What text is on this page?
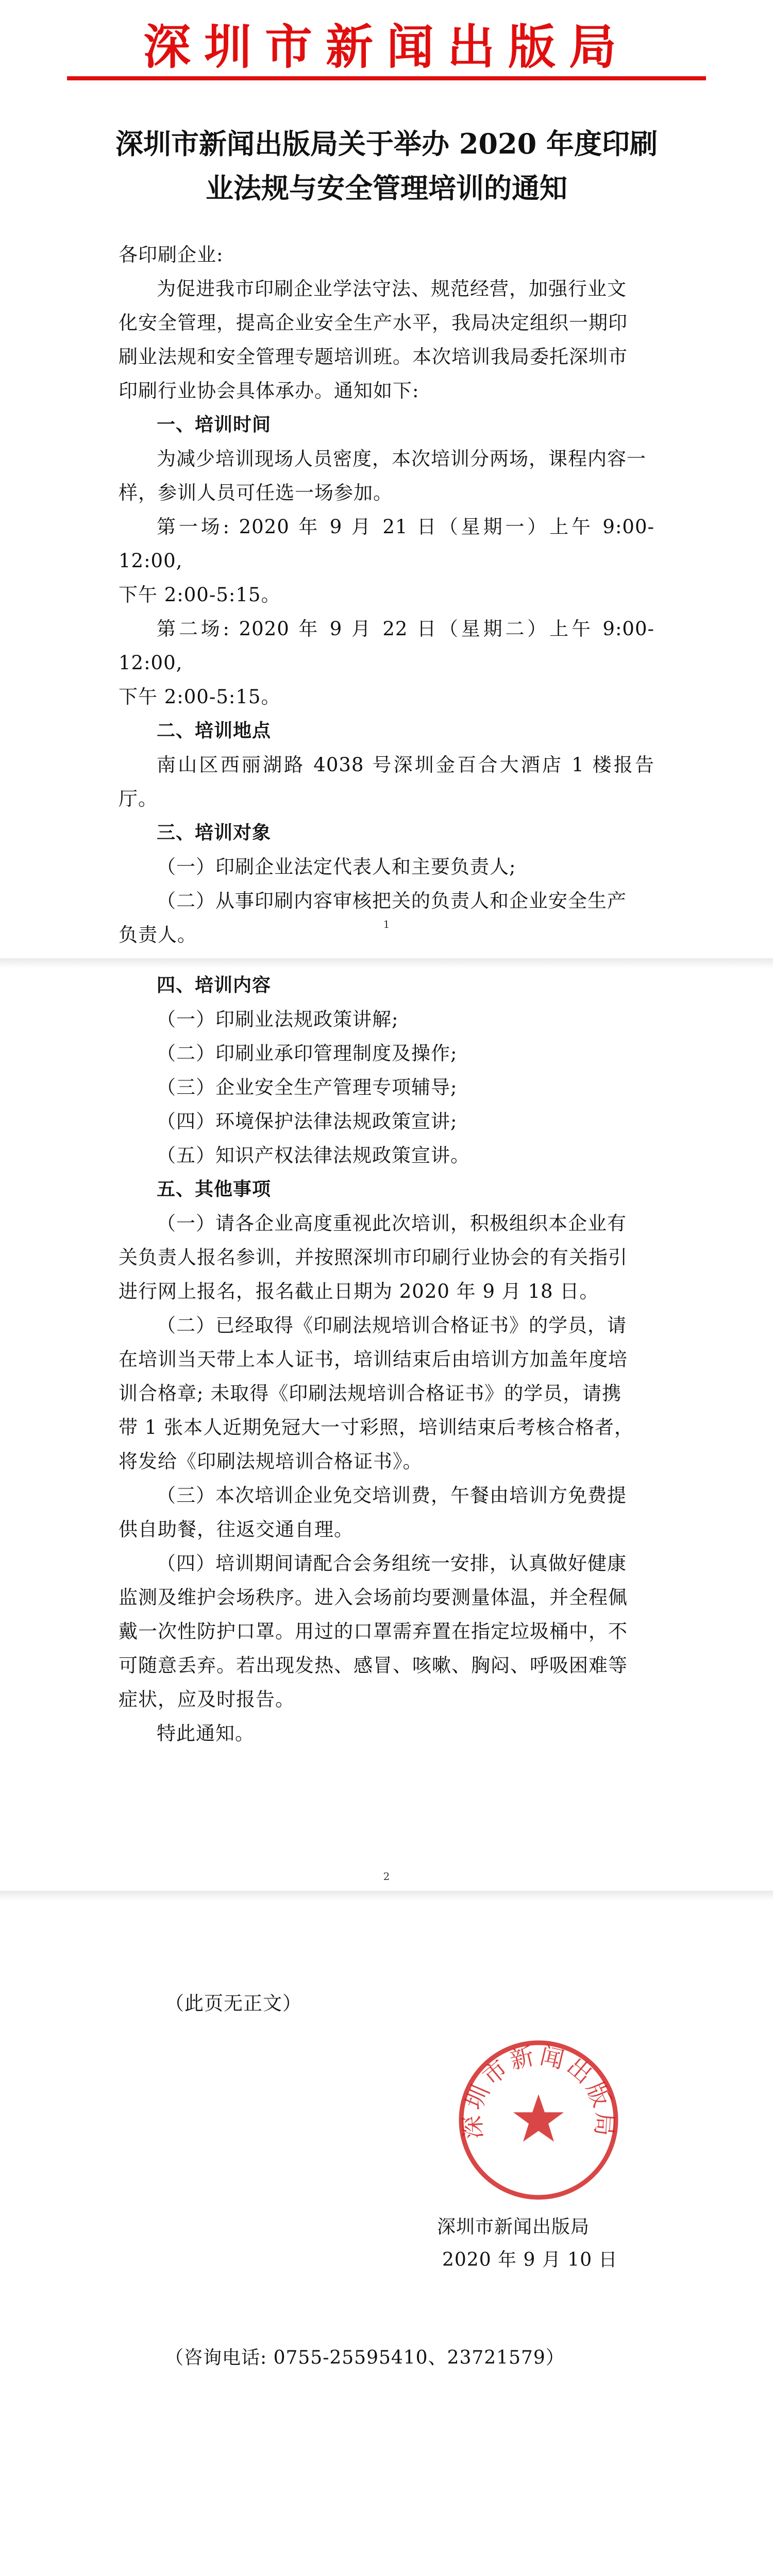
深圳市新闻出版局
深圳市新闻出版局关于举办 2020 年度印刷
业法规与安全管理培训的通知

各印刷企业:

为促进我市印刷企业学法守法、规范经营，加强行业文

化安全管理，提高企业安全生产水平，我局决定组织一期印

刷业法规和安全管理专题培训班。本次培训我局委托深圳市

印刷行业协会具体承办。通知如下:

一、培训时间

为减少培训现场人员密度，本次培训分两场，课程内容一

样，参训人员可任选一场参加。

第一场: 2020 年 9 月 21 日（星期一）上午 9:00-12:00,

下午 2:00-5:15。

第二场: 2020 年 9 月 22 日（星期二）上午 9:00-12:00,

下午 2:00-5:15。

二、培训地点

南山区西丽湖路 4038 号深圳金百合大酒店 1 楼报告厅。

三、培训对象

（一）印刷企业法定代表人和主要负责人;

（二）从事印刷内容审核把关的负责人和企业安全生产

负责人。	1

四、培训内容

（一）印刷业法规政策讲解;

（二）印刷业承印管理制度及操作;

（三）企业安全生产管理专项辅导;

（四）环境保护法律法规政策宣讲;

（五）知识产权法律法规政策宣讲。

五、其他事项

（一）请各企业高度重视此次培训，积极组织本企业有

关负责人报名参训，并按照深圳市印刷行业协会的有关指引

进行网上报名，报名截止日期为 2020 年 9 月 18 日。

（二）已经取得《印刷法规培训合格证书》的学员，请

在培训当天带上本人证书，培训结束后由培训方加盖年度培

训合格章; 未取得《印刷法规培训合格证书》的学员，请携

带 1 张本人近期免冠大一寸彩照，培训结束后考核合格者，

将发给《印刷法规培训合格证书》。

（三）本次培训企业免交培训费，午餐由培训方免费提

供自助餐，往返交通自理。

（四）培训期间请配合会务组统一安排，认真做好健康

监测及维护会场秩序。进入会场前均要测量体温，并全程佩

戴一次性防护口罩。用过的口罩需弃置在指定垃圾桶中，不

可随意丢弃。若出现发热、感冒、咳嗽、胸闷、呼吸困难等

症状，应及时报告。

特此通知。

2
（此页无正文）
深圳市新闻出版局
2020 年 9 月 10 日
（咨询电话: 0755-25595410、23721579）
深圳市新闻出版局
